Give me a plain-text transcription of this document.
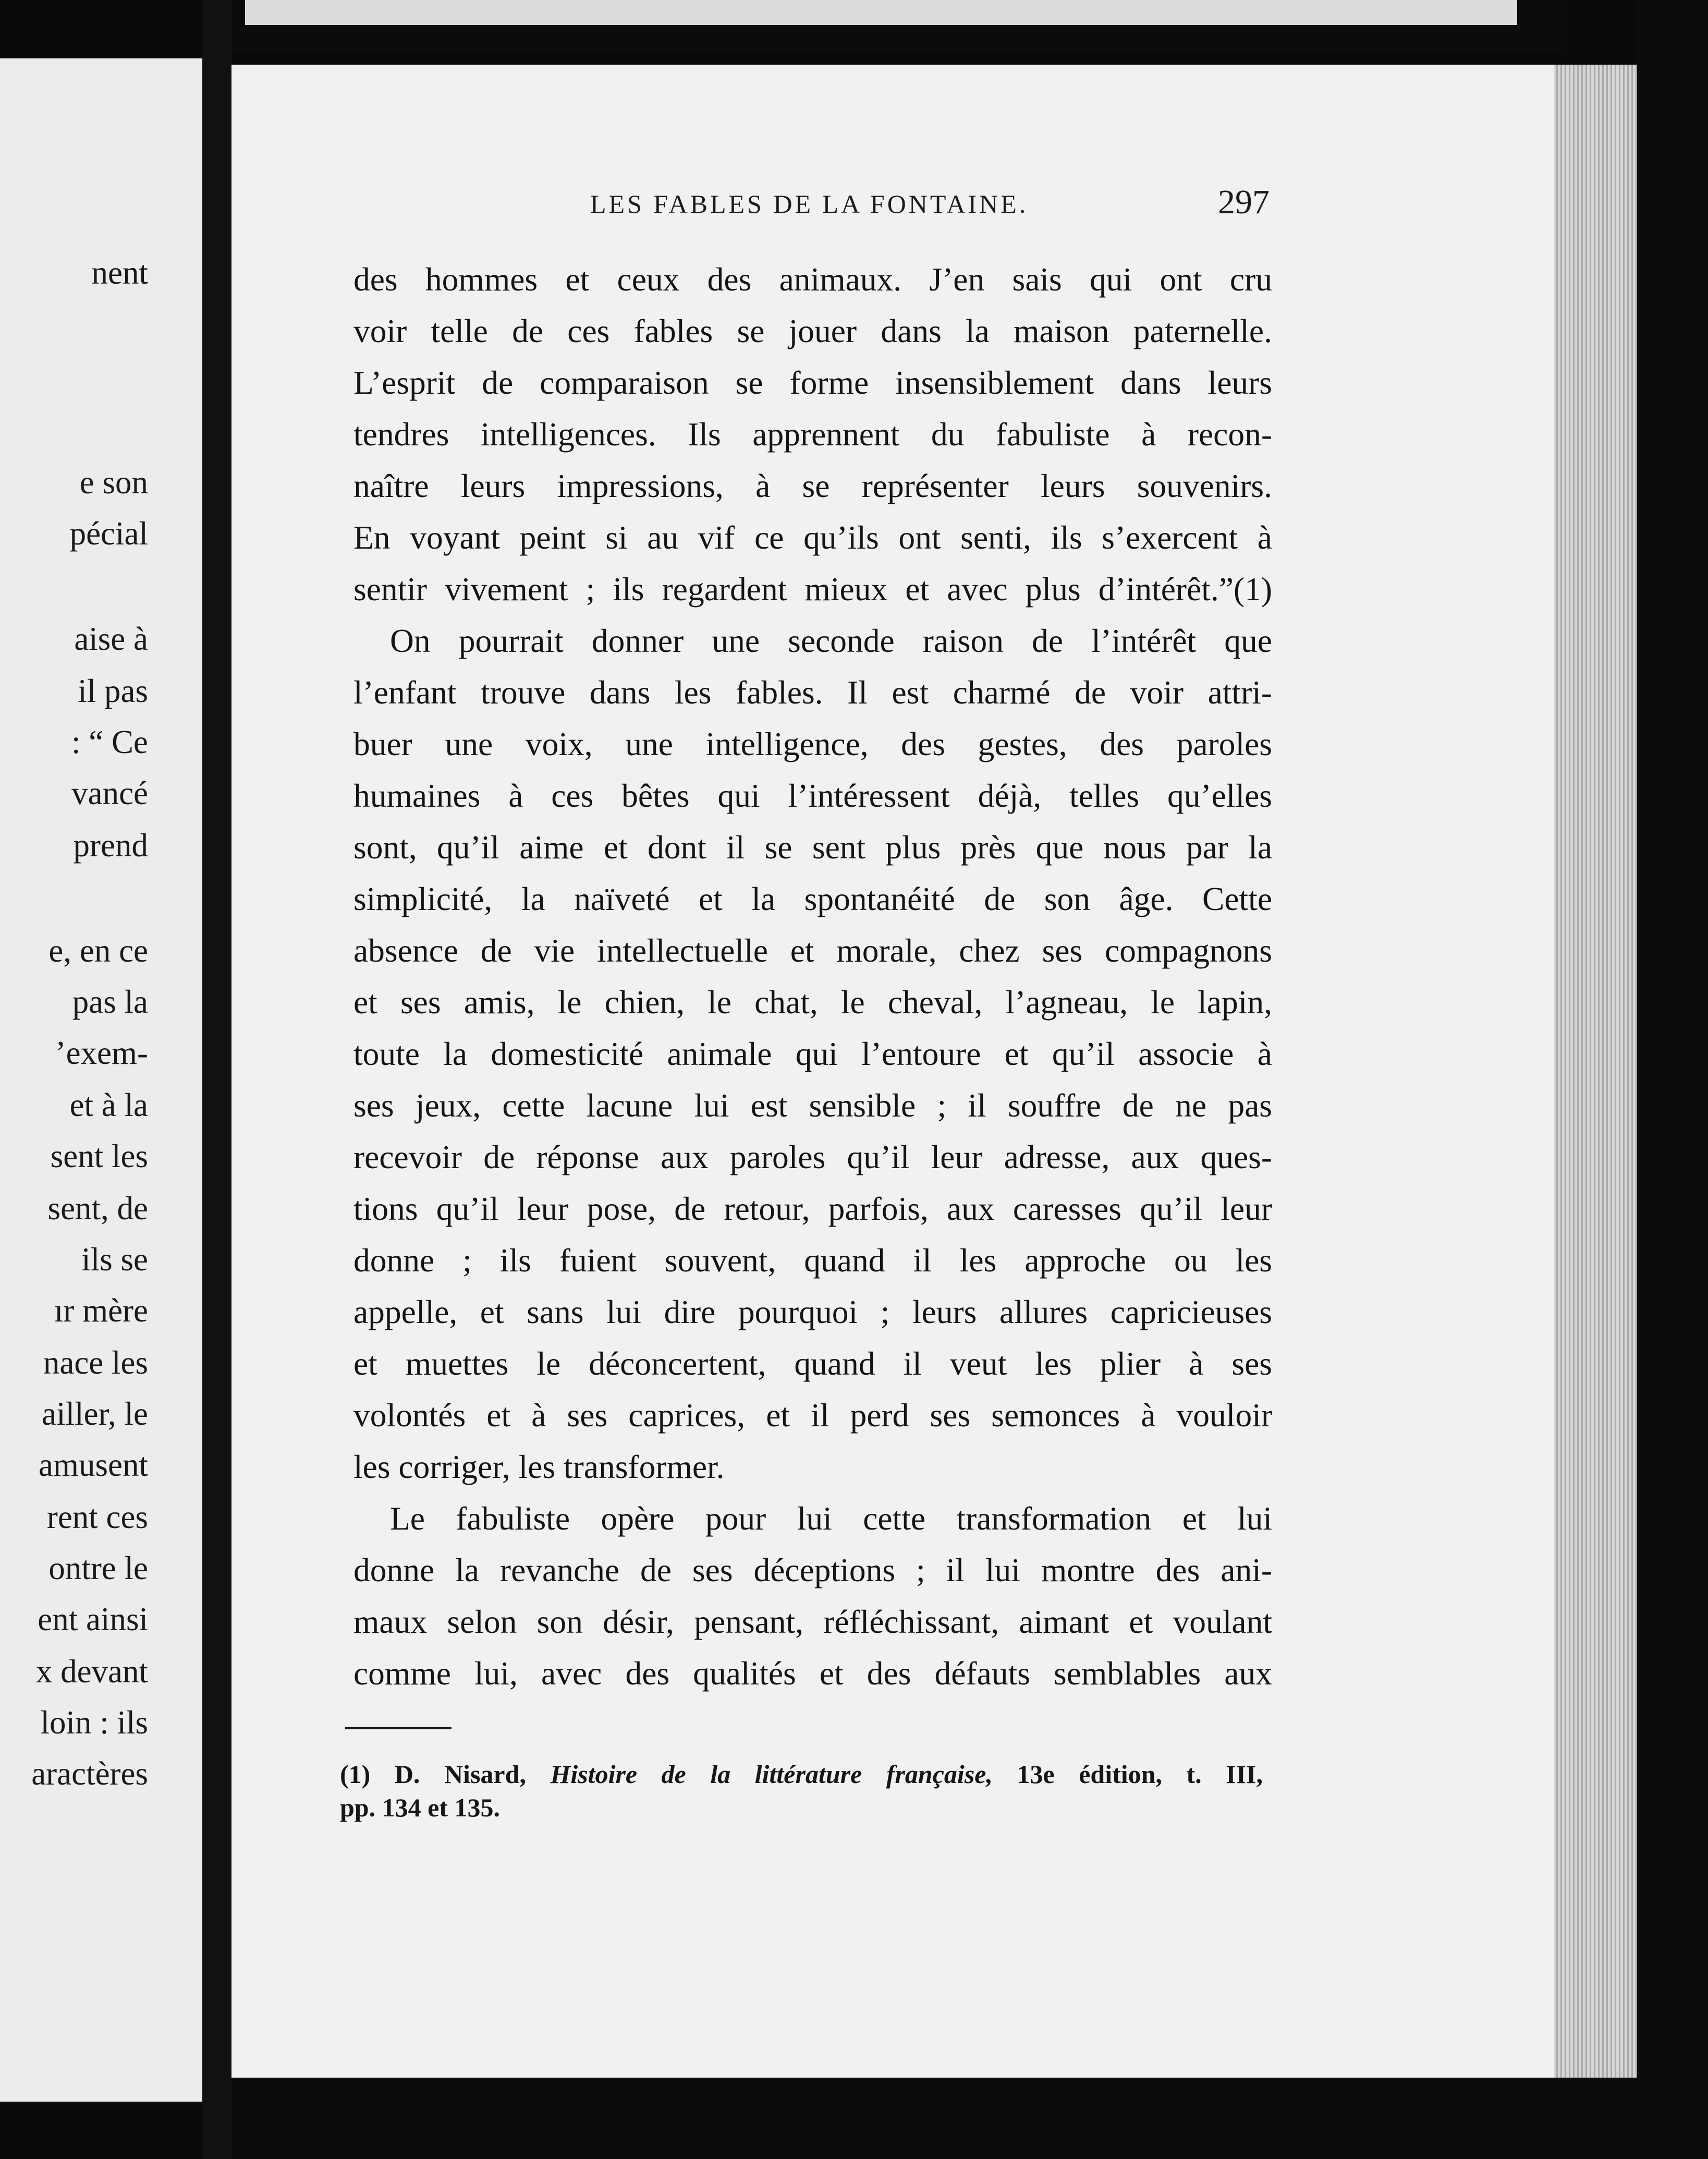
nent
e son
pécial
aise à
il pas
: “ Ce
vancé
prend
e, en ce
pas la
’exem-
et à la
sent les
sent, de
ils se
ır mère
nace les
ailler, le
amusent
rent ces
ontre le
ent ainsi
x devant
loin : ils
aractères
LES FABLES DE LA FONTAINE.	297
des hommes et ceux des animaux. J’en sais qui ont cru
voir telle de ces fables se jouer dans la maison paternelle.
L’esprit de comparaison se forme insensiblement dans leurs
tendres intelligences. Ils apprennent du fabuliste à recon-
naître leurs impressions, à se représenter leurs souvenirs.
En voyant peint si au vif ce qu’ils ont senti, ils s’exercent à
sentir vivement ; ils regardent mieux et avec plus d’intérêt.”(1)
On pourrait donner une seconde raison de l’intérêt que
l’enfant trouve dans les fables. Il est charmé de voir attri-
buer une voix, une intelligence, des gestes, des paroles
humaines à ces bêtes qui l’intéressent déjà, telles qu’elles
sont, qu’il aime et dont il se sent plus près que nous par la
simplicité, la naïveté et la spontanéité de son âge. Cette
absence de vie intellectuelle et morale, chez ses compagnons
et ses amis, le chien, le chat, le cheval, l’agneau, le lapin,
toute la domesticité animale qui l’entoure et qu’il associe à
ses jeux, cette lacune lui est sensible ; il souffre de ne pas
recevoir de réponse aux paroles qu’il leur adresse, aux ques-
tions qu’il leur pose, de retour, parfois, aux caresses qu’il leur
donne ; ils fuient souvent, quand il les approche ou les
appelle, et sans lui dire pourquoi ; leurs allures capricieuses
et muettes le déconcertent, quand il veut les plier à ses
volontés et à ses caprices, et il perd ses semonces à vouloir
les corriger, les transformer.
Le fabuliste opère pour lui cette transformation et lui
donne la revanche de ses déceptions ; il lui montre des ani-
maux selon son désir, pensant, réfléchissant, aimant et voulant
comme lui, avec des qualités et des défauts semblables aux
(1) D. Nisard, Histoire de la littérature française, 13e édition, t. III,
pp. 134 et 135.
